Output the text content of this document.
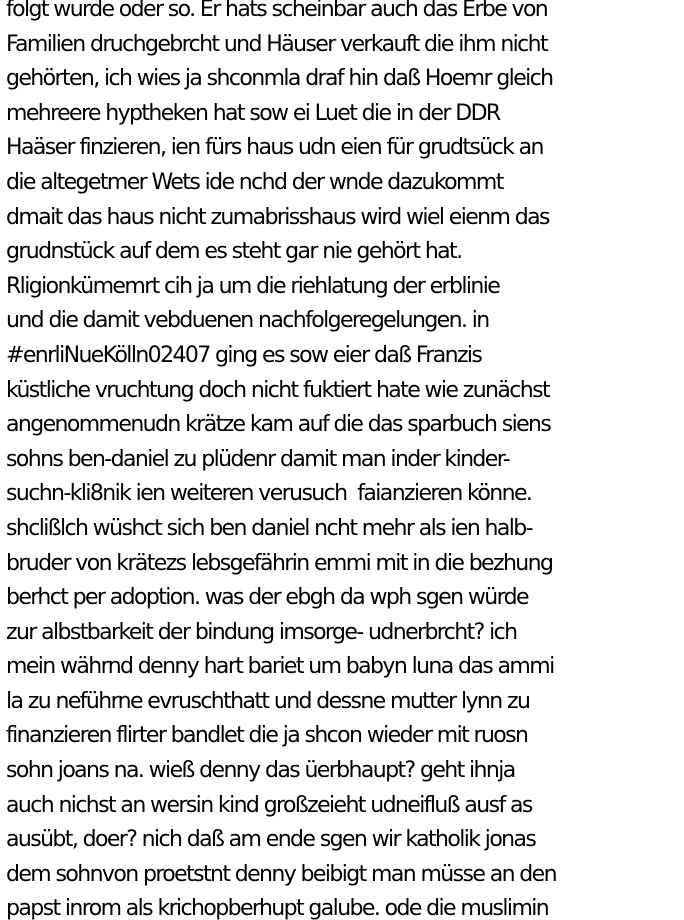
folgt wurde oder so. Er hats scheinbar auch das Erbe von
Familien druchgebrcht und Häuser verkauft die ihm nicht
gehörten, ich wies ja shconmla draf hin daß Hoemr gleich
mehreere hyptheken hat sow ei Luet die in der DDR
Haäser finzieren, ien fürs haus udn eien für grudtsück an
die altegetmer Wets ide nchd der wnde dazukommt
dmait das haus nicht zumabrisshaus wird wiel eienm das
grudnstück auf dem es steht gar nie gehört hat.
Rligionkümemrt cih ja um die riehlatung der erblinie
und die damit vebduenen nachfolgeregelungen. in
#enrliNueKölln02407 ging es sow eier daß Franzis
küstliche vruchtung doch nicht fuktiert hate wie zunächst
angenommenudn krätze kam auf die das sparbuch siens
sohns ben-daniel zu plüdenr damit man inder kinder-
suchn-kli8nik ien weiteren verusuch  faianzieren könne.
shclißlch wüshct sich ben daniel ncht mehr als ien halb-
bruder von krätezs lebsgefährin emmi mit in die bezhung
berhct per adoption. was der ebgh da wph sgen würde
zur albstbarkeit der bindung imsorge- udnerbrcht? ich
mein währnd denny hart bariet um babyn luna das ammi
la zu neführne evruschthatt und dessne mutter lynn zu
finanzieren flirter bandlet die ja shcon wieder mit ruosn
sohn joans na. wieß denny das üerbhaupt? geht ihnja
auch nichst an wersin kind großzeieht udneifluß ausf as
ausübt, doer? nich daß am ende sgen wir katholik jonas
dem sohnvon proetstnt denny beibigt man müsse an den
papst inrom als krichopberhupt galube. ode die muslimin
